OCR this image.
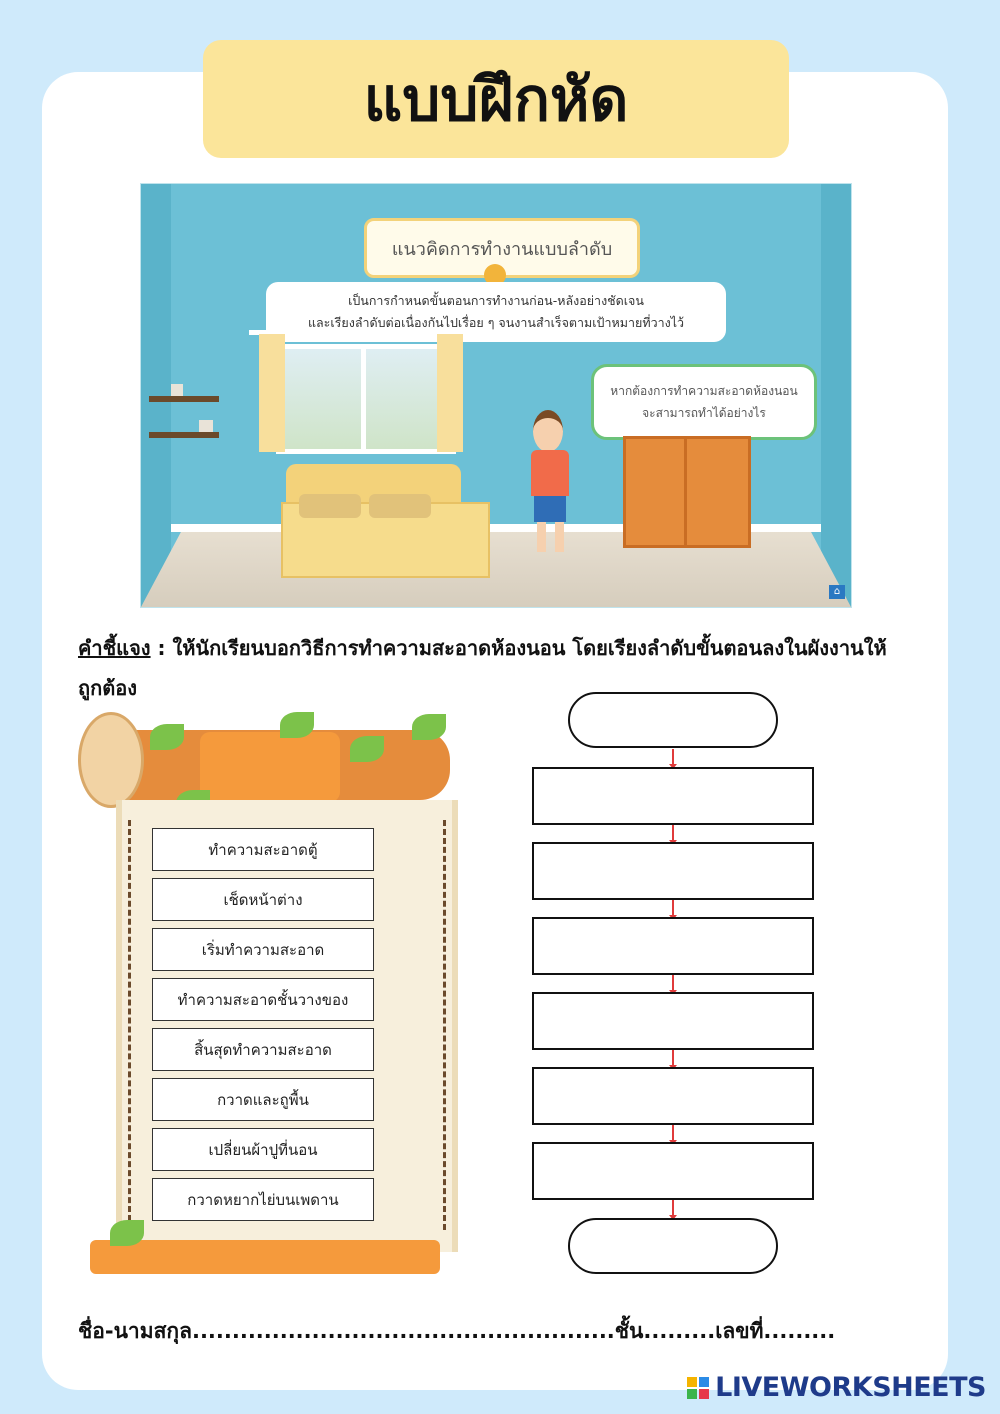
แบบฝึกหัด
แนวคิดการทำงานแบบลำดับ
เป็นการกำหนดขั้นตอนการทำงานก่อน-หลังอย่างชัดเจน
และเรียงลำดับต่อเนื่องกันไปเรื่อย ๆ จนงานสำเร็จตามเป้าหมายที่วางไว้
หากต้องการทำความสะอาดห้องนอน
จะสามารถทำได้อย่างไร
⌂
คำชี้แจง : ให้นักเรียนบอกวิธีการทำความสะอาดห้องนอน โดยเรียงลำดับขั้นตอนลงในผังงานให้ถูกต้อง
ทำความสะอาดตู้
เช็ดหน้าต่าง
เริ่มทำความสะอาด
ทำความสะอาดชั้นวางของ
สิ้นสุดทำความสะอาด
กวาดและถูพื้น
เปลี่ยนผ้าปูที่นอน
กวาดหยากไย่บนเพดาน
ชื่อ-นามสกุล.....................................................ชั้น.........เลขที่.........
LIVEWORKSHEETS
